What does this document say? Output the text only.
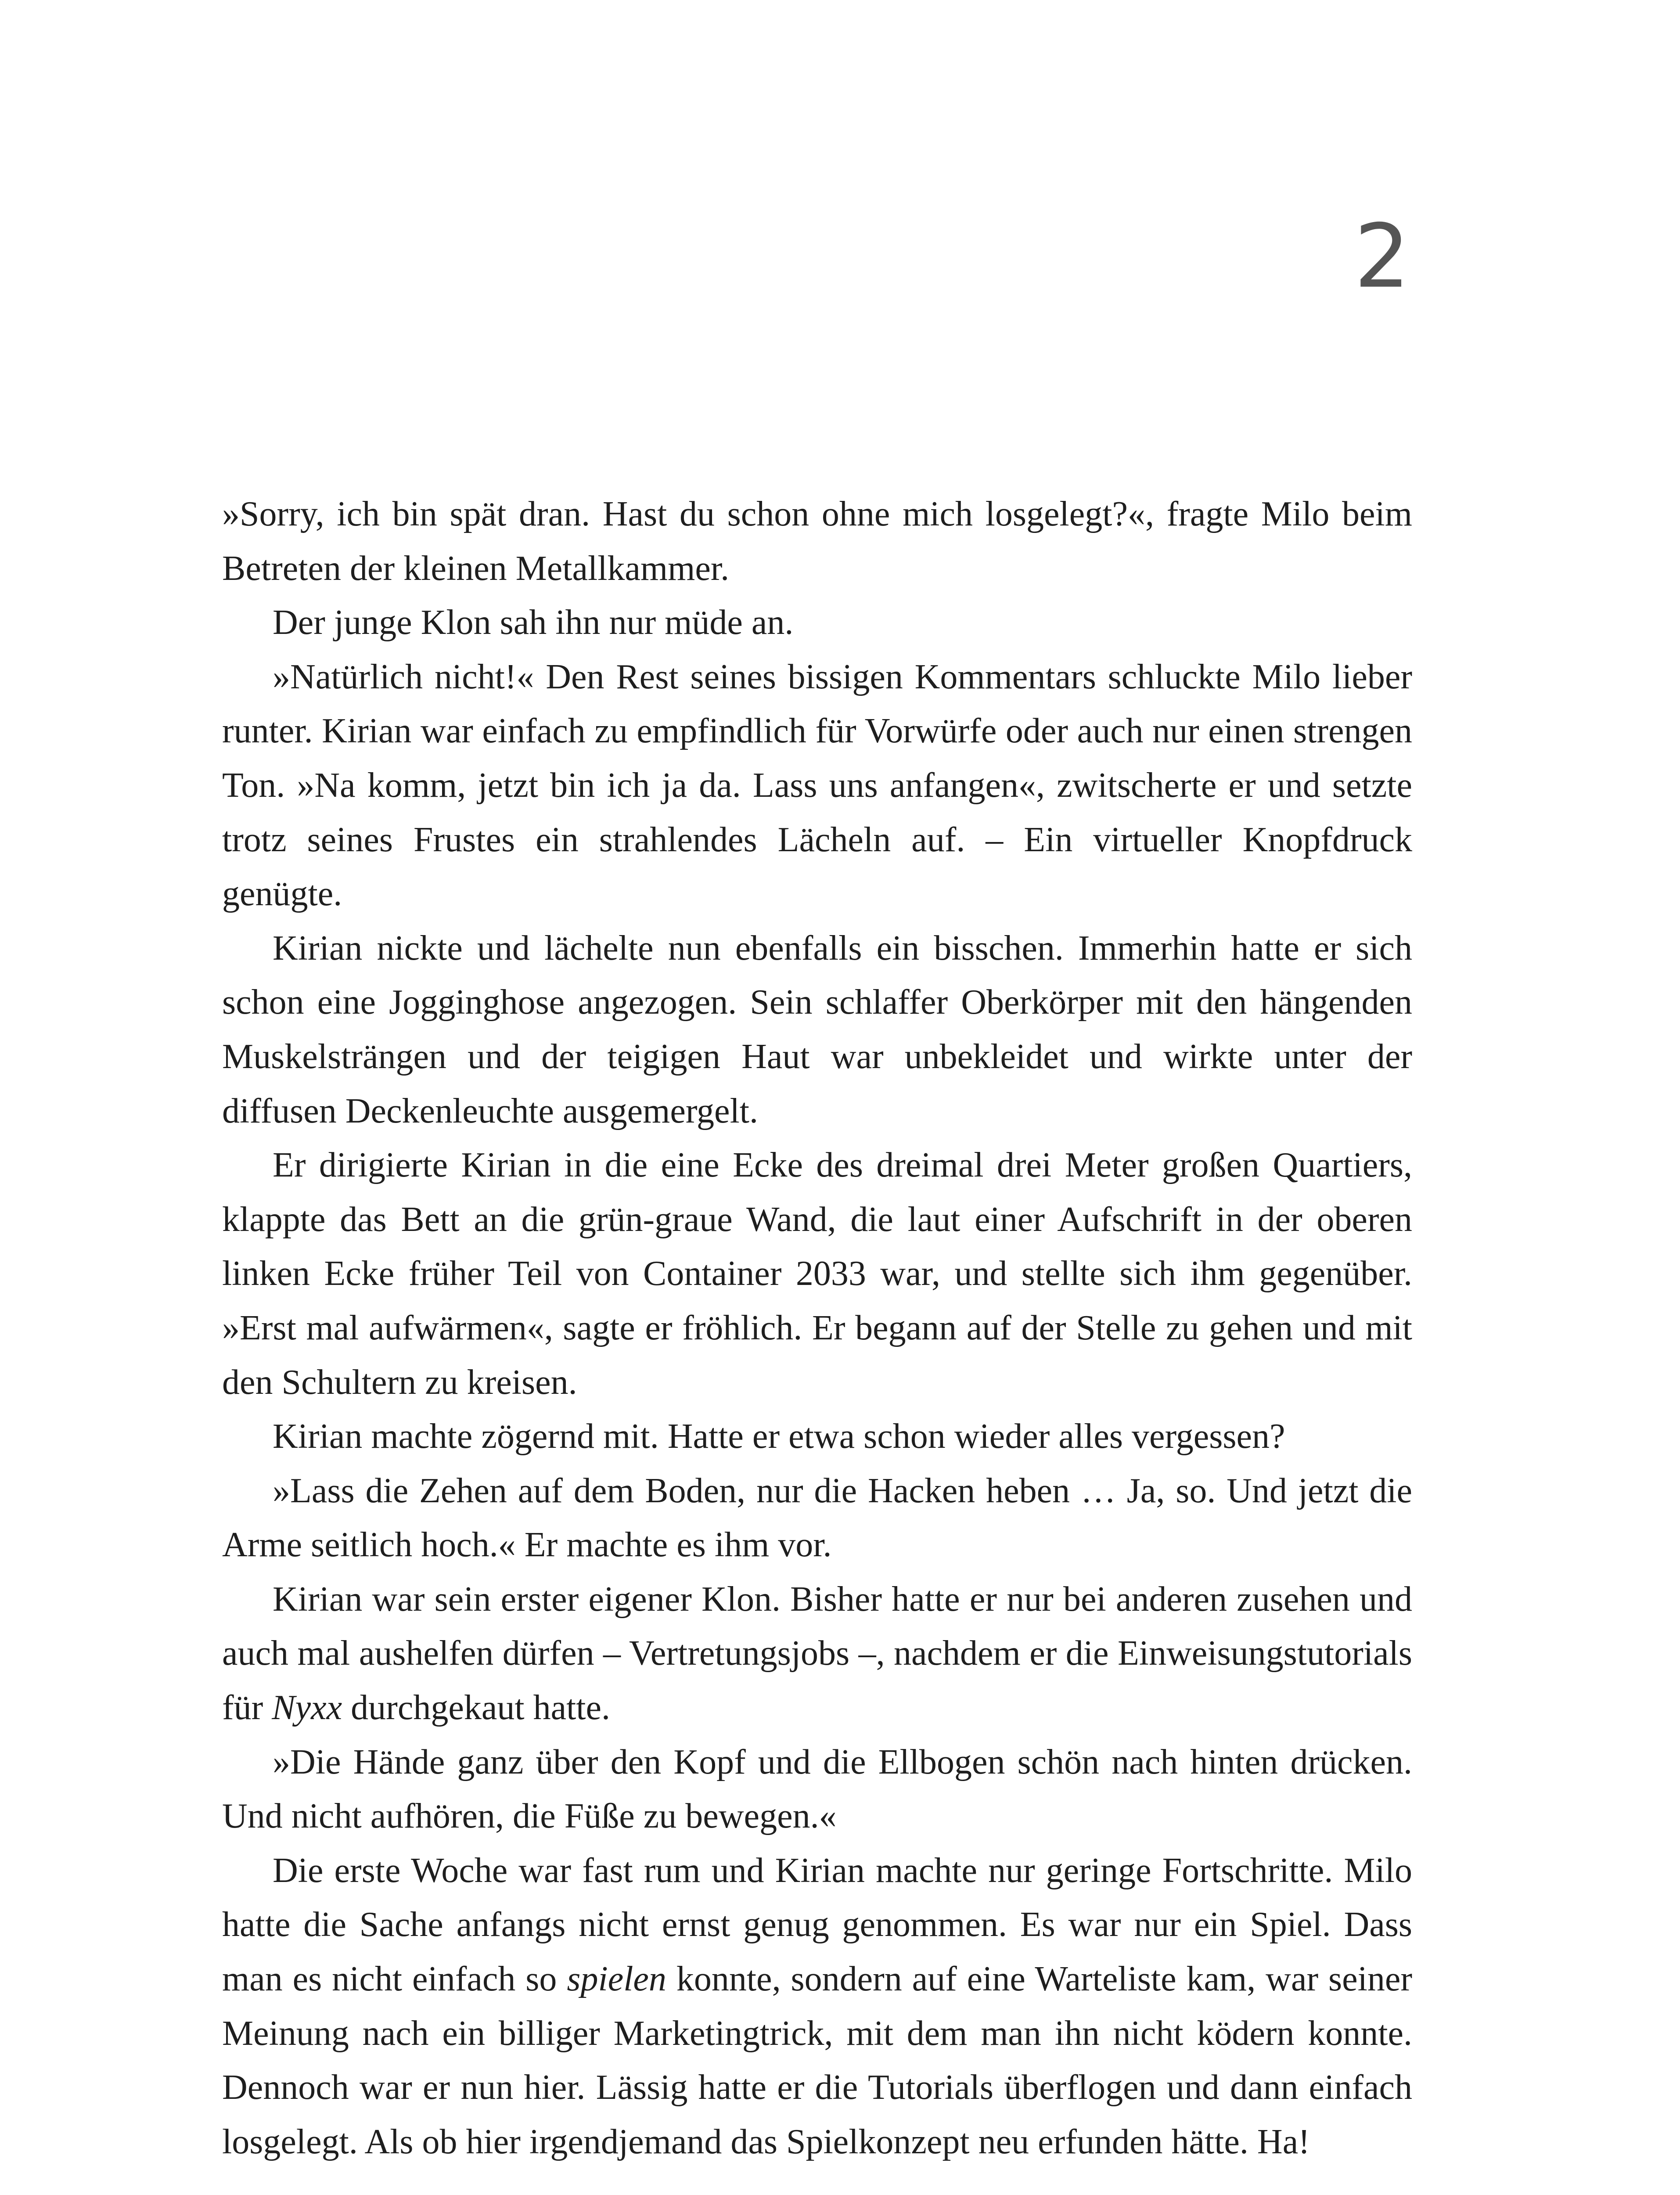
2

»Sorry, ich bin spät dran. Hast du schon ohne mich losgelegt?«, fragte Milo beim Betreten der kleinen Metallkammer.

Der junge Klon sah ihn nur müde an.

»Natürlich nicht!« Den Rest seines bissigen Kommentars schluckte Milo lieber runter. Kirian war einfach zu empfindlich für Vorwürfe oder auch nur einen strengen Ton. »Na komm, jetzt bin ich ja da. Lass uns anfangen«, zwitscherte er und setzte trotz seines Frustes ein strahlendes Lächeln auf. – Ein virtueller Knopfdruck genügte.

Kirian nickte und lächelte nun ebenfalls ein bisschen. Immerhin hatte er sich schon eine Jogginghose angezogen. Sein schlaffer Oberkörper mit den hängenden Muskelsträngen und der teigigen Haut war unbekleidet und wirkte unter der diffusen Deckenleuchte ausgemergelt.

Er dirigierte Kirian in die eine Ecke des dreimal drei Meter großen Quartiers, klappte das Bett an die grün-graue Wand, die laut einer Aufschrift in der oberen linken Ecke früher Teil von Container 2033 war, und stellte sich ihm gegenüber. »Erst mal aufwärmen«, sagte er fröhlich. Er begann auf der Stelle zu gehen und mit den Schultern zu kreisen.

Kirian machte zögernd mit. Hatte er etwa schon wieder alles vergessen?

»Lass die Zehen auf dem Boden, nur die Hacken heben … Ja, so. Und jetzt die Arme seitlich hoch.« Er machte es ihm vor.

Kirian war sein erster eigener Klon. Bisher hatte er nur bei anderen zusehen und auch mal aushelfen dürfen – Vertretungsjobs –, nachdem er die Einweisungstutorials für Nyxx durchgekaut hatte.

»Die Hände ganz über den Kopf und die Ellbogen schön nach hinten drücken. Und nicht aufhören, die Füße zu bewegen.«

Die erste Woche war fast rum und Kirian machte nur geringe Fortschritte. Milo hatte die Sache anfangs nicht ernst genug genommen. Es war nur ein Spiel. Dass man es nicht einfach so spielen konnte, sondern auf eine Warteliste kam, war seiner Meinung nach ein billiger Marketingtrick, mit dem man ihn nicht ködern konnte. Dennoch war er nun hier. Lässig hatte er die Tutorials überflogen und dann einfach losgelegt. Als ob hier irgendjemand das Spielkonzept neu erfunden hätte. Ha!
